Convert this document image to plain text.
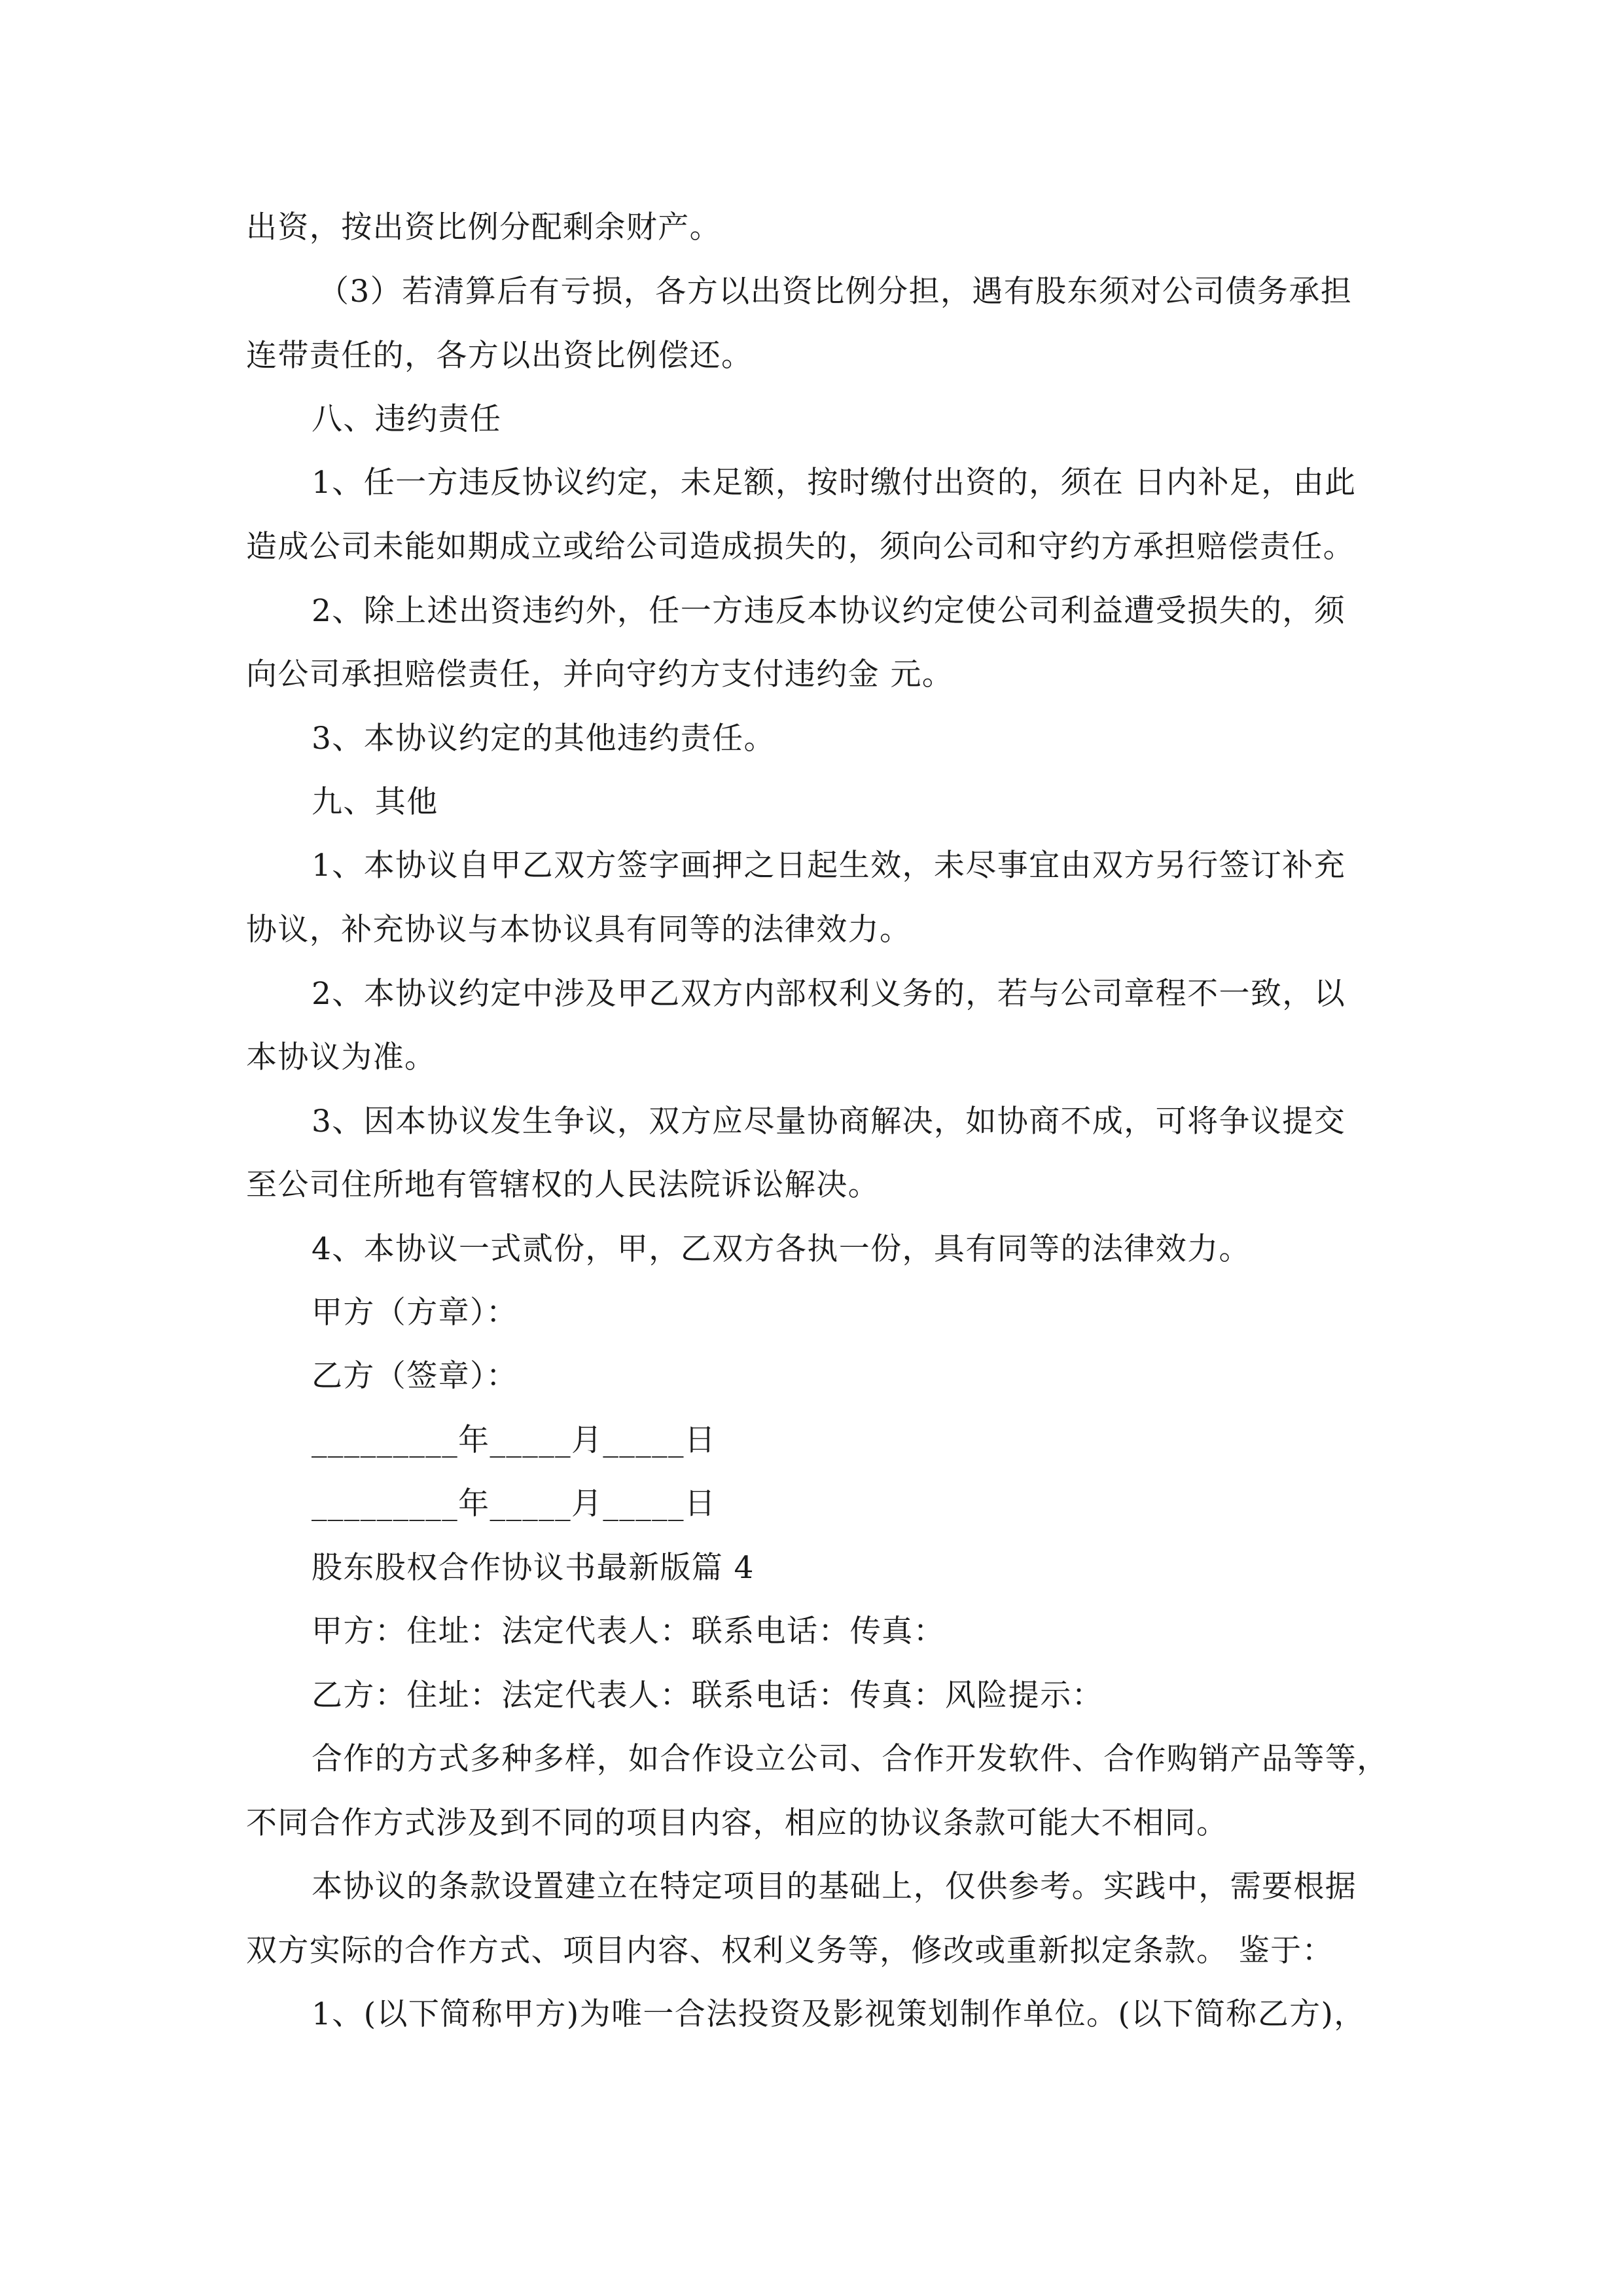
出资，按出资比例分配剩余财产。
（3）若清算后有亏损，各方以出资比例分担，遇有股东须对公司债务承担
连带责任的，各方以出资比例偿还。
八、违约责任
1、任一方违反协议约定，未足额，按时缴付出资的，须在 日内补足，由此
造成公司未能如期成立或给公司造成损失的，须向公司和守约方承担赔偿责任。
2、除上述出资违约外，任一方违反本协议约定使公司利益遭受损失的，须
向公司承担赔偿责任，并向守约方支付违约金 元。
3、本协议约定的其他违约责任。
九、其他
1、本协议自甲乙双方签字画押之日起生效，未尽事宜由双方另行签订补充
协议，补充协议与本协议具有同等的法律效力。
2、本协议约定中涉及甲乙双方内部权利义务的，若与公司章程不一致，以
本协议为准。
3、因本协议发生争议，双方应尽量协商解决，如协商不成，可将争议提交
至公司住所地有管辖权的人民法院诉讼解决。
4、本协议一式贰份，甲，乙双方各执一份，具有同等的法律效力。
甲方（方章）：
乙方（签章）：
_________年_____月_____日
_________年_____月_____日
股东股权合作协议书最新版篇 4
甲方：住址：法定代表人：联系电话：传真：
乙方：住址：法定代表人：联系电话：传真：风险提示：
合作的方式多种多样，如合作设立公司、合作开发软件、合作购销产品等等，
不同合作方式涉及到不同的项目内容，相应的协议条款可能大不相同。
本协议的条款设置建立在特定项目的基础上，仅供参考。实践中，需要根据
双方实际的合作方式、项目内容、权利义务等，修改或重新拟定条款。 鉴于：
1、(以下简称甲方)为唯一合法投资及影视策划制作单位。(以下简称乙方)，
